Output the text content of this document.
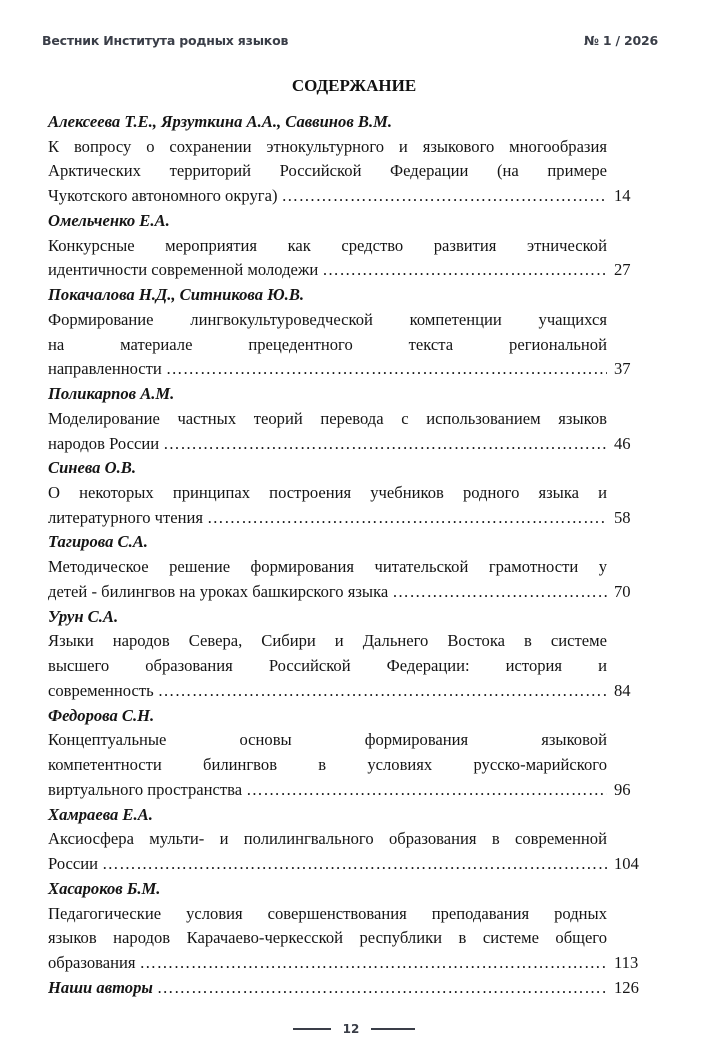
Вестник Института родных языков	№ 1 / 2026
СОДЕРЖАНИЕ
Алексеева Т.Е., Ярзуткина А.А., Саввинов В.М.
К вопросу о сохранении этнокультурного и языкового многообразия
Арктических территорий Российской Федерации (на примере
Чукотского автономного округа) …………………………………………………………………………………………………………………………………………	14
Омельченко Е.А.
Конкурсные мероприятия как средство развития этнической
идентичности современной молодежи …………………………………………………………………………………………………………………………………………	27
Покачалова Н.Д., Ситникова Ю.В.
Формирование лингвокультуроведческой компетенции учащихся
на материале прецедентного текста региональной
направленности …………………………………………………………………………………………………………………………………………	37
Поликарпов А.М.
Моделирование частных теорий перевода с использованием языков
народов России …………………………………………………………………………………………………………………………………………	46
Синева О.В.
О некоторых принципах построения учебников родного языка и
литературного чтения …………………………………………………………………………………………………………………………………………	58
Тагирова С.А.
Методическое решение формирования читательской грамотности у
детей - билингвов на уроках башкирского языка …………………………………………………………………………………………………………………………………………	70
Урун С.А.
Языки народов Севера, Сибири и Дальнего Востока в системе
высшего образования Российской Федерации: история и
современность …………………………………………………………………………………………………………………………………………	84
Федорова С.Н.
Концептуальные основы формирования языковой
компетентности билингвов в условиях русско-марийского
виртуального пространства …………………………………………………………………………………………………………………………………………	96
Хамраева Е.А.
Аксиосфера мульти- и полилингвального образования в современной
России …………………………………………………………………………………………………………………………………………	104
Хасароков Б.М.
Педагогические условия совершенствования преподавания родных
языков народов Карачаево-черкесской республики в системе общего
образования …………………………………………………………………………………………………………………………………………	113
Наши авторы …………………………………………………………………………………………………………………………………………	126
12
